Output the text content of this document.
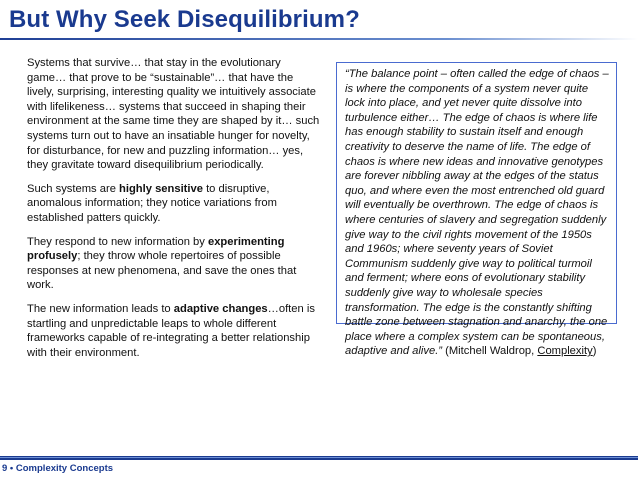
But Why Seek Disequilibrium?

Systems that survive… that stay in the evolutionary game… that prove to be “sustainable”… that have the lively, surprising, interesting quality we intuitively associate with lifelikeness… systems that succeed in shaping their environment at the same time they are shaped by it… such systems turn out to have an insatiable hunger for novelty, for disturbance, for new and puzzling information… yes, they gravitate toward disequilibrium periodically.

Such systems are highly sensitive to disruptive, anomalous information; they notice variations from established patters quickly.

They respond to new information by experimenting profusely; they throw whole repertoires of possible responses at new phenomena, and save the ones that work.

The new information leads to adaptive changes…often is startling and unpredictable leaps to whole different frameworks capable of re-integrating a better relationship with their environment.

“The balance point – often called the edge of chaos – is where the components of a system never quite lock into place, and yet never quite dissolve into turbulence either… The edge of chaos is where life has enough stability to sustain itself and enough creativity to deserve the name of life. The edge of chaos is where new ideas and innovative genotypes are forever nibbling away at the edges of the status quo, and where even the most entrenched old guard will eventually be overthrown. The edge of chaos is where centuries of slavery and segregation suddenly give way to the civil rights movement of the 1950s and 1960s; where seventy years of Soviet Communism suddenly give way to political turmoil and ferment; where eons of evolutionary stability suddenly give way to wholesale species transformation. The edge is the constantly shifting battle zone between stagnation and anarchy, the one place where a complex system can be spontaneous, adaptive and alive.” (Mitchell Waldrop, Complexity)
9 • Complexity Concepts
